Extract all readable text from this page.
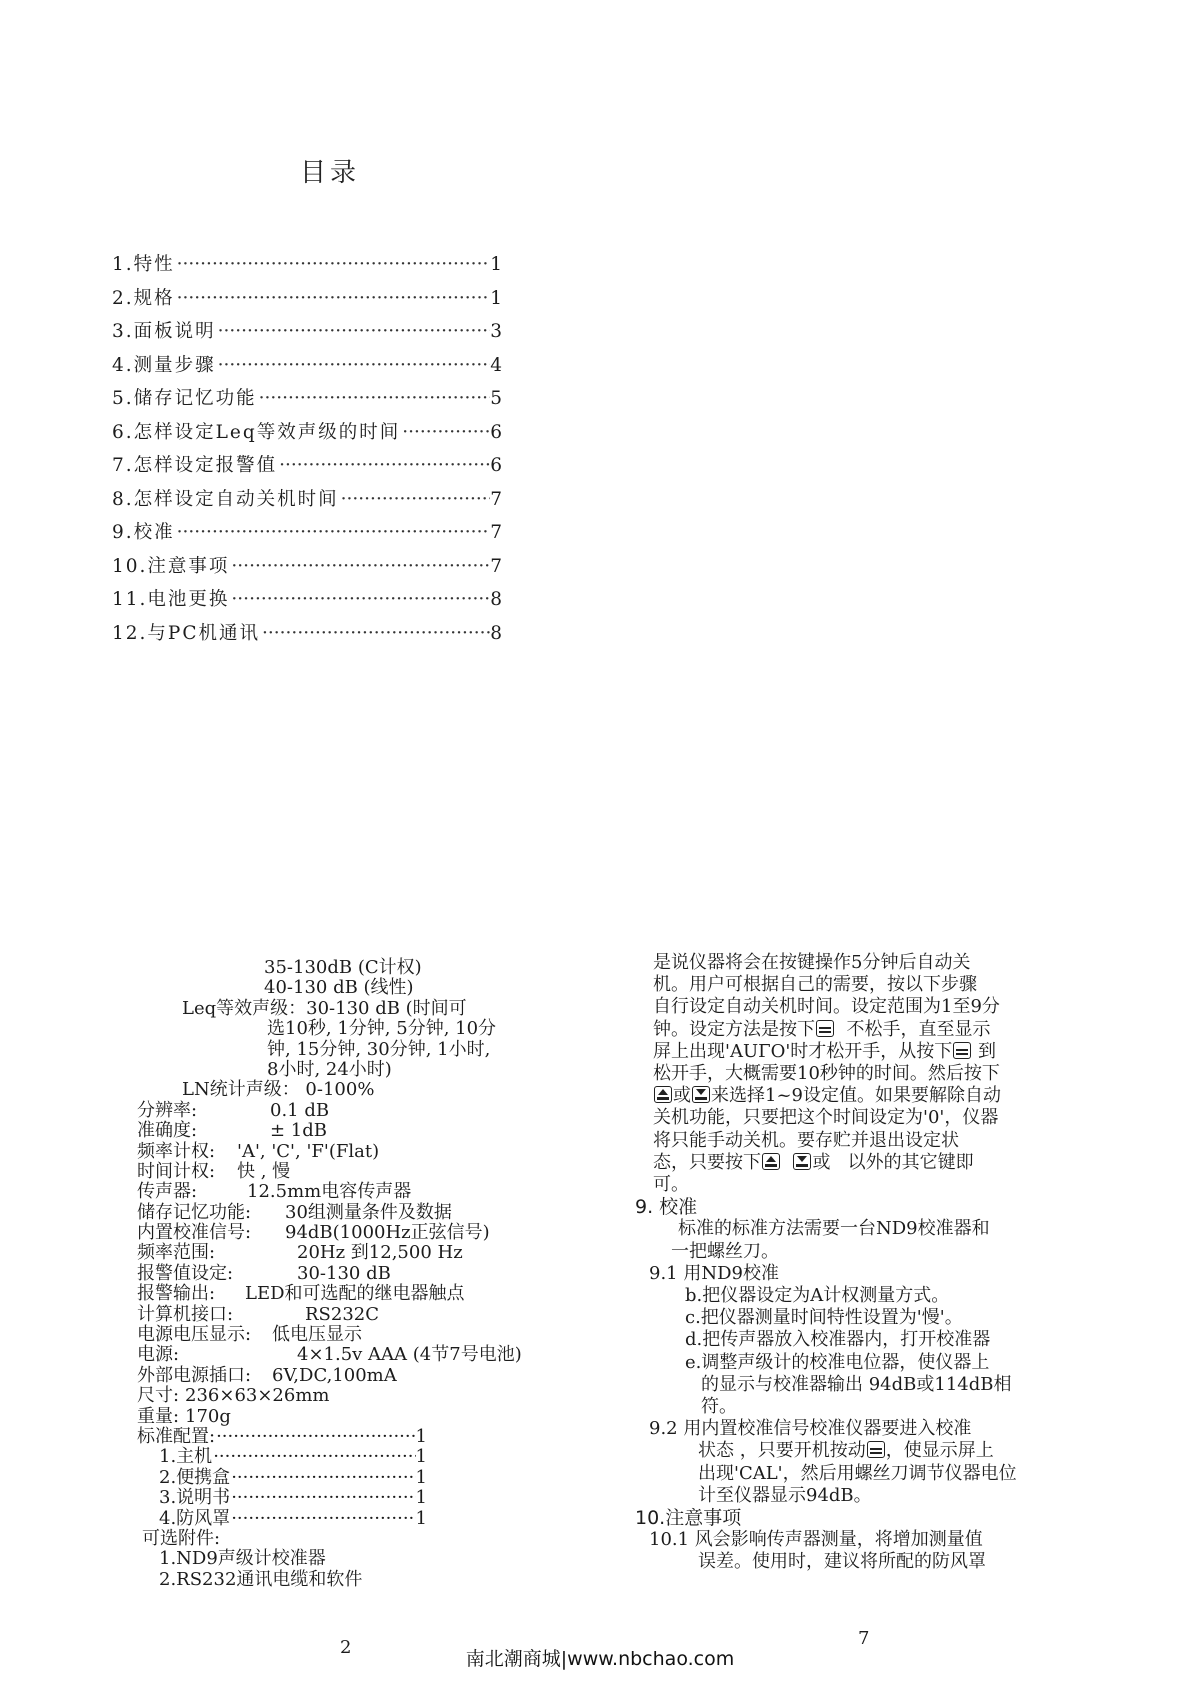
目录
1.特性 ·····	1
2.规格 ·····	1
3.面板说明 ·····	3
4.测量步骤 ·····	4
5.储存记忆功能 ·····	5
6.怎样设定Leq等效声级的时间 ·····	6
7.怎样设定报警值 ·····	6
8.怎样设定自动关机时间 ·····	7
9.校准 ·····	7
10.注意事项 ·····	7
11.电池更换 ·····	8
12.与PC机通讯 ·····	8
35-130dB (C计权)
40-130 dB (线性)
Leq等效声级：30-130 dB (时间可
选10秒, 1分钟, 5分钟, 10分
钟, 15分钟, 30分钟, 1小时,
8小时, 24小时)
LN统计声级： 0-100%
分辨率:	0.1 dB
准确度:	± 1dB
频率计权:	'A', 'C', 'F'(Flat)
时间计权:	快 , 慢
传声器:	12.5mm电容传声器
储存记忆功能:	30组测量条件及数据
内置校准信号:	94dB(1000Hz正弦信号)
频率范围:	20Hz 到12,500 Hz
报警值设定:	30-130 dB
报警输出:	LED和可选配的继电器触点
计算机接口:	RS232C
电源电压显示:	低电压显示
电源:	4×1.5v AAA (4节7号电池)
外部电源插口:	6V,DC,100mA
尺寸: 236×63×26mm
重量: 170g
标准配置: ·····	1
1.主机 ·····	1
2.便携盒 ·····	1
3.说明书 ·····	1
4.防风罩 ·····	1
可选附件:
1.ND9声级计校准器
2.RS232通讯电缆和软件
2
是说仪器将会在按键操作5分钟后自动关
机。用户可根据自己的需要，按以下步骤
自行设定自动关机时间。设定范围为1至9分
钟。设定方法是按下 不松手，直至显示
屏上出现'AUΓO'时才松开手，从按下 到
松开手，大概需要10秒钟的时间。然后按下
或 来选择1~9设定值。如果要解除自动
关机功能，只要把这个时间设定为'0'，仪器
将只能手动关机。要存贮并退出设定状
态，只要按下
	或 以外的其它键即
可。
9. 校准
标准的标准方法需要一台ND9校准器和
一把螺丝刀。
9.1 用ND9校准
b.把仪器设定为A计权测量方式。
c.把仪器测量时间特性设置为'慢'。
d.把传声器放入校准器内，打开校准器
e.调整声级计的校准电位器，使仪器上
的显示与校准器输出 94dB或114dB相
符。
9.2 用内置校准信号校准仪器要进入校准
状态 ，只要开机按动 ，使显示屏上
出现'CAL'，然后用螺丝刀调节仪器电位
计至仪器显示94dB。
10.注意事项
10.1 风会影响传声器测量，将增加测量值
误差。使用时，建议将所配的防风罩
7
南北潮商城|www.nbchao.com
